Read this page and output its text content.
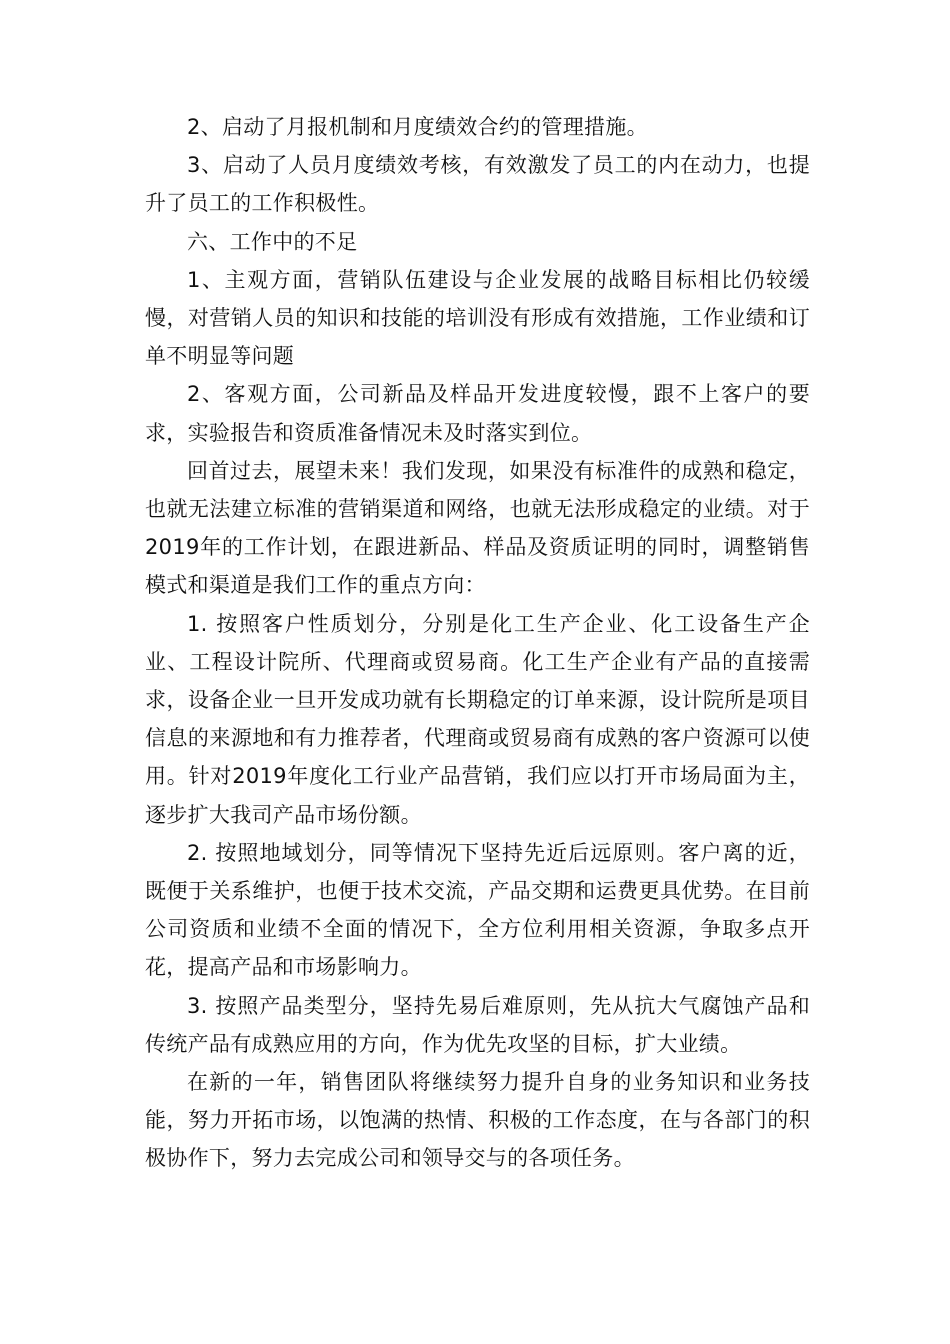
2、启动了月报机制和月度绩效合约的管理措施。

3、启动了人员月度绩效考核，有效激发了员工的内在动力，也提升了员工的工作积极性。

六、工作中的不足

1、主观方面，营销队伍建设与企业发展的战略目标相比仍较缓慢，对营销人员的知识和技能的培训没有形成有效措施，工作业绩和订单不明显等问题

2、客观方面，公司新品及样品开发进度较慢，跟不上客户的要求，实验报告和资质准备情况未及时落实到位。

回首过去，展望未来！我们发现，如果没有标准件的成熟和稳定，也就无法建立标准的营销渠道和网络，也就无法形成稳定的业绩。对于2019年的工作计划，在跟进新品、样品及资质证明的同时，调整销售模式和渠道是我们工作的重点方向：

1. 按照客户性质划分，分别是化工生产企业、化工设备生产企业、工程设计院所、代理商或贸易商。化工生产企业有产品的直接需求，设备企业一旦开发成功就有长期稳定的订单来源，设计院所是项目信息的来源地和有力推荐者，代理商或贸易商有成熟的客户资源可以使用。针对2019年度化工行业产品营销，我们应以打开市场局面为主，逐步扩大我司产品市场份额。

2. 按照地域划分，同等情况下坚持先近后远原则。客户离的近，既便于关系维护，也便于技术交流，产品交期和运费更具优势。在目前公司资质和业绩不全面的情况下，全方位利用相关资源，争取多点开花，提高产品和市场影响力。

3. 按照产品类型分，坚持先易后难原则，先从抗大气腐蚀产品和传统产品有成熟应用的方向，作为优先攻坚的目标，扩大业绩。

在新的一年，销售团队将继续努力提升自身的业务知识和业务技能，努力开拓市场，以饱满的热情、积极的工作态度，在与各部门的积极协作下，努力去完成公司和领导交与的各项任务。
